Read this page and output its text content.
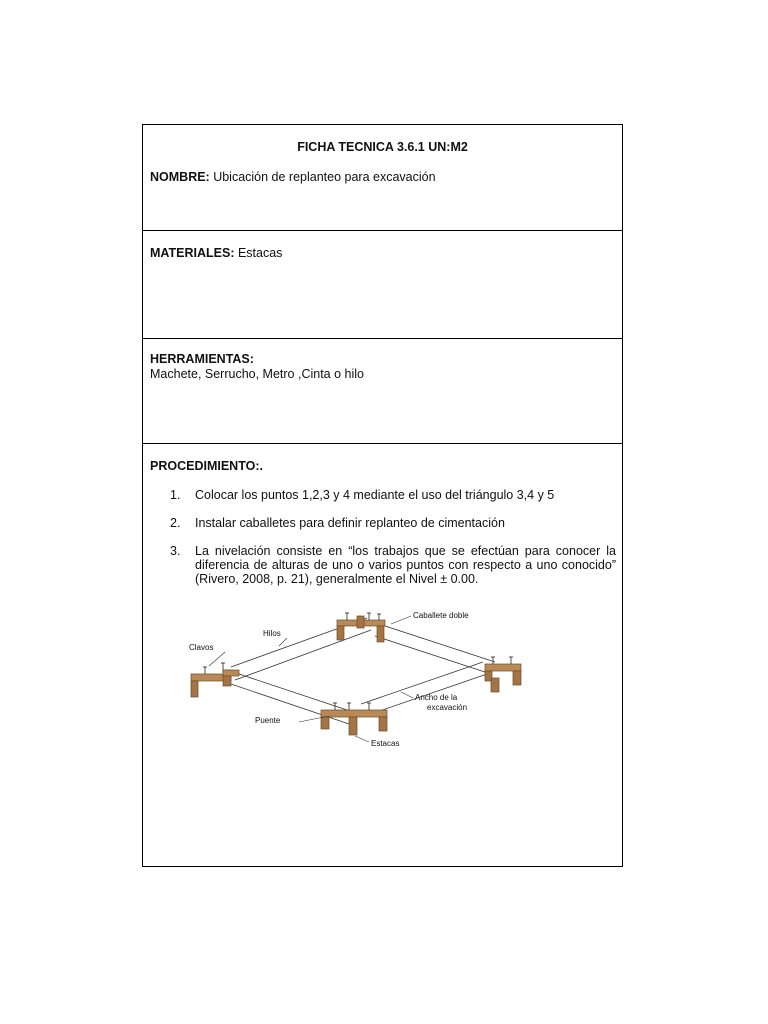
FICHA TECNICA 3.6.1 UN:M2
NOMBRE: Ubicación de replanteo para excavación
MATERIALES: Estacas
HERRAMIENTAS:
Machete, Serrucho, Metro ,Cinta o hilo
PROCEDIMIENTO:.
1. Colocar los puntos 1,2,3 y 4 mediante el uso del triángulo 3,4 y 5
2. Instalar caballetes para definir replanteo de cimentación
3. La nivelación consiste en “los trabajos que se efectúan para conocer la diferencia de alturas de uno o varios puntos con respecto a uno conocido” (Rivero, 2008, p. 21), generalmente el Nivel ± 0.00.
Caballete doble
Hilos
Clavos
Ancho de la
excavación
Puente
Estacas
